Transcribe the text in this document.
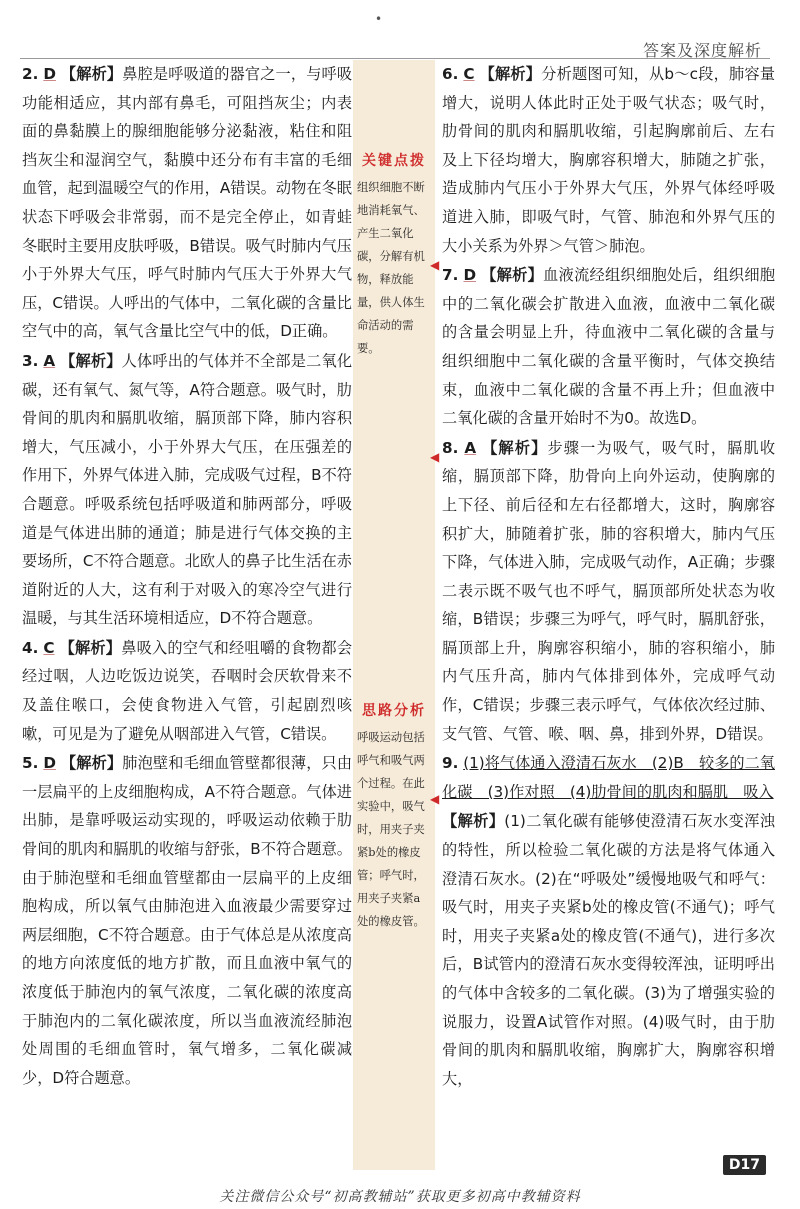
•
答案及深度解析

2. D 【解析】鼻腔是呼吸道的器官之一，与呼吸功能相适应，其内部有鼻毛，可阻挡灰尘；内表面的鼻黏膜上的腺细胞能够分泌黏液，粘住和阻挡灰尘和湿润空气，黏膜中还分布有丰富的毛细血管，起到温暖空气的作用，A错误。动物在冬眠状态下呼吸会非常弱，而不是完全停止，如青蛙冬眠时主要用皮肤呼吸，B错误。吸气时肺内气压小于外界大气压，呼气时肺内气压大于外界大气压，C错误。人呼出的气体中，二氧化碳的含量比空气中的高，氧气含量比空气中的低，D正确。

3. A 【解析】人体呼出的气体并不全部是二氧化碳，还有氧气、氮气等，A符合题意。吸气时，肋骨间的肌肉和膈肌收缩，膈顶部下降，肺内容积增大，气压减小，小于外界大气压，在压强差的作用下，外界气体进入肺，完成吸气过程，B不符合题意。呼吸系统包括呼吸道和肺两部分，呼吸道是气体进出肺的通道；肺是进行气体交换的主要场所，C不符合题意。北欧人的鼻子比生活在赤道附近的人大，这有利于对吸入的寒冷空气进行温暖，与其生活环境相适应，D不符合题意。

4. C 【解析】鼻吸入的空气和经咀嚼的食物都会经过咽，人边吃饭边说笑，吞咽时会厌软骨来不及盖住喉口，会使食物进入气管，引起剧烈咳嗽，可见是为了避免从咽部进入气管，C错误。

5. D 【解析】肺泡壁和毛细血管壁都很薄，只由一层扁平的上皮细胞构成，A不符合题意。气体进出肺，是靠呼吸运动实现的，呼吸运动依赖于肋骨间的肌肉和膈肌的收缩与舒张，B不符合题意。由于肺泡壁和毛细血管壁都由一层扁平的上皮细胞构成，所以氧气由肺泡进入血液最少需要穿过两层细胞，C不符合题意。由于气体总是从浓度高的地方向浓度低的地方扩散，而且血液中氧气的浓度低于肺泡内的氧气浓度，二氧化碳的浓度高于肺泡内的二氧化碳浓度，所以当血液流经肺泡处周围的毛细血管时，氧气增多，二氧化碳减少，D符合题意。

关键点拨
组织细胞不断地消耗氧气、产生二氧化碳，分解有机物，释放能量，供人体生命活动的需要。
思路分析
呼吸运动包括呼气和吸气两个过程。在此实验中，吸气时，用夹子夹紧b处的橡皮管；呼气时，用夹子夹紧a处的橡皮管。
◀
◀
◀

6. C 【解析】分析题图可知，从b～c段，肺容量增大，说明人体此时正处于吸气状态；吸气时，肋骨间的肌肉和膈肌收缩，引起胸廓前后、左右及上下径均增大，胸廓容积增大，肺随之扩张，造成肺内气压小于外界大气压，外界气体经呼吸道进入肺，即吸气时，气管、肺泡和外界气压的大小关系为外界＞气管＞肺泡。

7. D 【解析】血液流经组织细胞处后，组织细胞中的二氧化碳会扩散进入血液，血液中二氧化碳的含量会明显上升，待血液中二氧化碳的含量与组织细胞中二氧化碳的含量平衡时，气体交换结束，血液中二氧化碳的含量不再上升；但血液中二氧化碳的含量开始时不为0。故选D。

8. A 【解析】步骤一为吸气，吸气时，膈肌收缩，膈顶部下降，肋骨向上向外运动，使胸廓的上下径、前后径和左右径都增大，这时，胸廓容积扩大，肺随着扩张，肺的容积增大，肺内气压下降，气体进入肺，完成吸气动作，A正确；步骤二表示既不吸气也不呼气，膈顶部所处状态为收缩，B错误；步骤三为呼气，呼气时，膈肌舒张，膈顶部上升，胸廓容积缩小，肺的容积缩小，肺内气压升高，肺内气体排到体外，完成呼气动作，C错误；步骤三表示呼气，气体依次经过肺、支气管、气管、喉、咽、鼻，排到外界，D错误。

9. (1)将气体通入澄清石灰水　(2)B　较多的二氧化碳　(3)作对照　(4)肋骨间的肌肉和膈肌　吸入

【解析】(1)二氧化碳有能够使澄清石灰水变浑浊的特性，所以检验二氧化碳的方法是将气体通入澄清石灰水。(2)在“呼吸处”缓慢地吸气和呼气：吸气时，用夹子夹紧b处的橡皮管(不通气)；呼气时，用夹子夹紧a处的橡皮管(不通气)，进行多次后，B试管内的澄清石灰水变得较浑浊，证明呼出的气体中含较多的二氧化碳。(3)为了增强实验的说服力，设置A试管作对照。(4)吸气时，由于肋骨间的肌肉和膈肌收缩，胸廓扩大，胸廓容积增大，

D17
关注微信公众号“初高教辅站”获取更多初高中教辅资料
